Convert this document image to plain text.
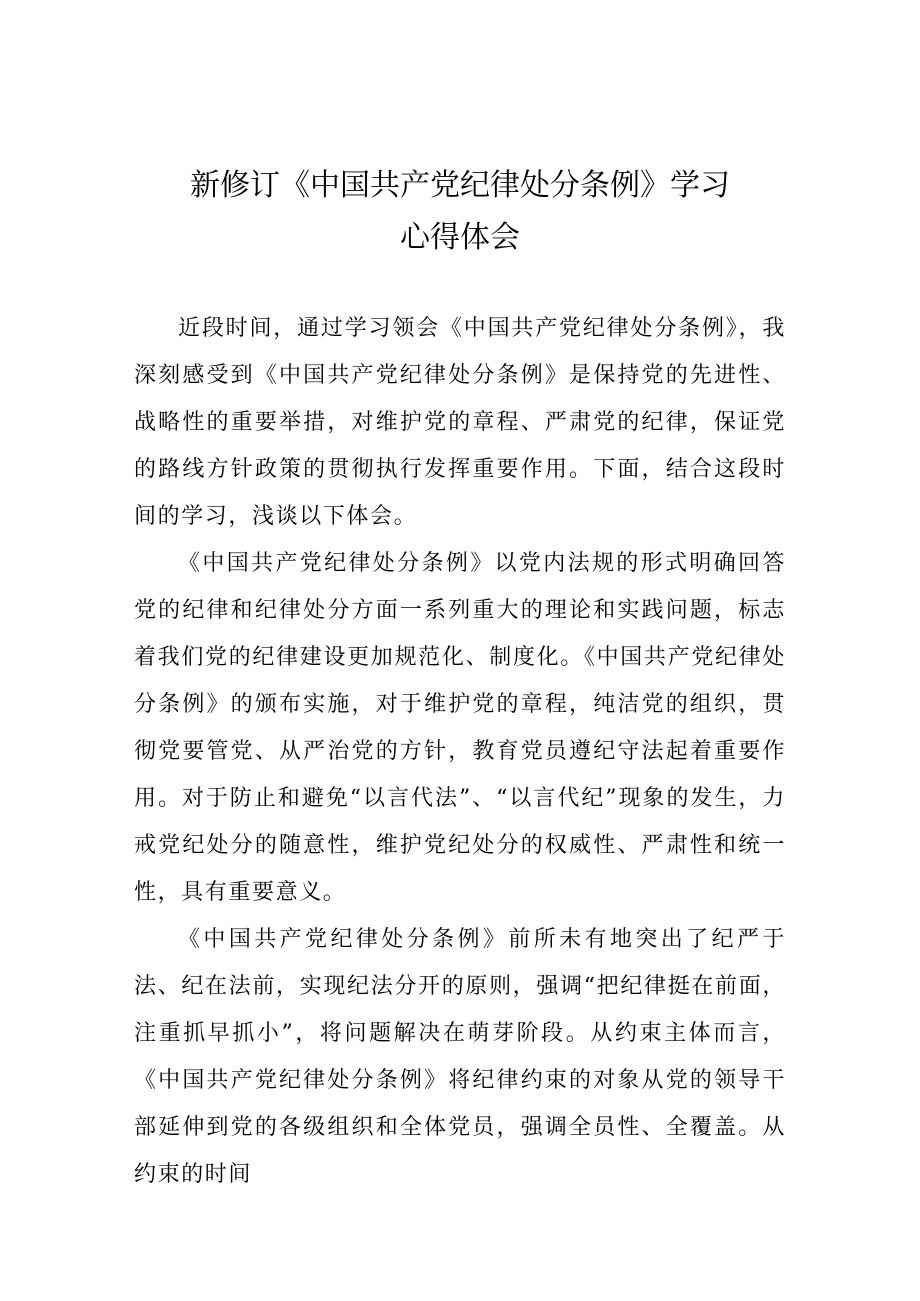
新修订《中国共产党纪律处分条例》学习
心得体会

近段时间，通过学习领会《中国共产党纪律处分条例》，我深刻感受到《中国共产党纪律处分条例》是保持党的先进性、战略性的重要举措，对维护党的章程、严肃党的纪律，保证党的路线方针政策的贯彻执行发挥重要作用。下面，结合这段时间的学习，浅谈以下体会。

《中国共产党纪律处分条例》以党内法规的形式明确回答党的纪律和纪律处分方面一系列重大的理论和实践问题，标志着我们党的纪律建设更加规范化、制度化。《中国共产党纪律处分条例》的颁布实施，对于维护党的章程，纯洁党的组织，贯彻党要管党、从严治党的方针，教育党员遵纪守法起着重要作用。对于防止和避免“以言代法”、“以言代纪”现象的发生，力戒党纪处分的随意性，维护党纪处分的权威性、严肃性和统一性，具有重要意义。

《中国共产党纪律处分条例》前所未有地突出了纪严于法、纪在法前，实现纪法分开的原则，强调“把纪律挺在前面，注重抓早抓小”，将问题解决在萌芽阶段。从约束主体而言，《中国共产党纪律处分条例》将纪律约束的对象从党的领导干部延伸到党的各级组织和全体党员，强调全员性、全覆盖。从约束的时间
